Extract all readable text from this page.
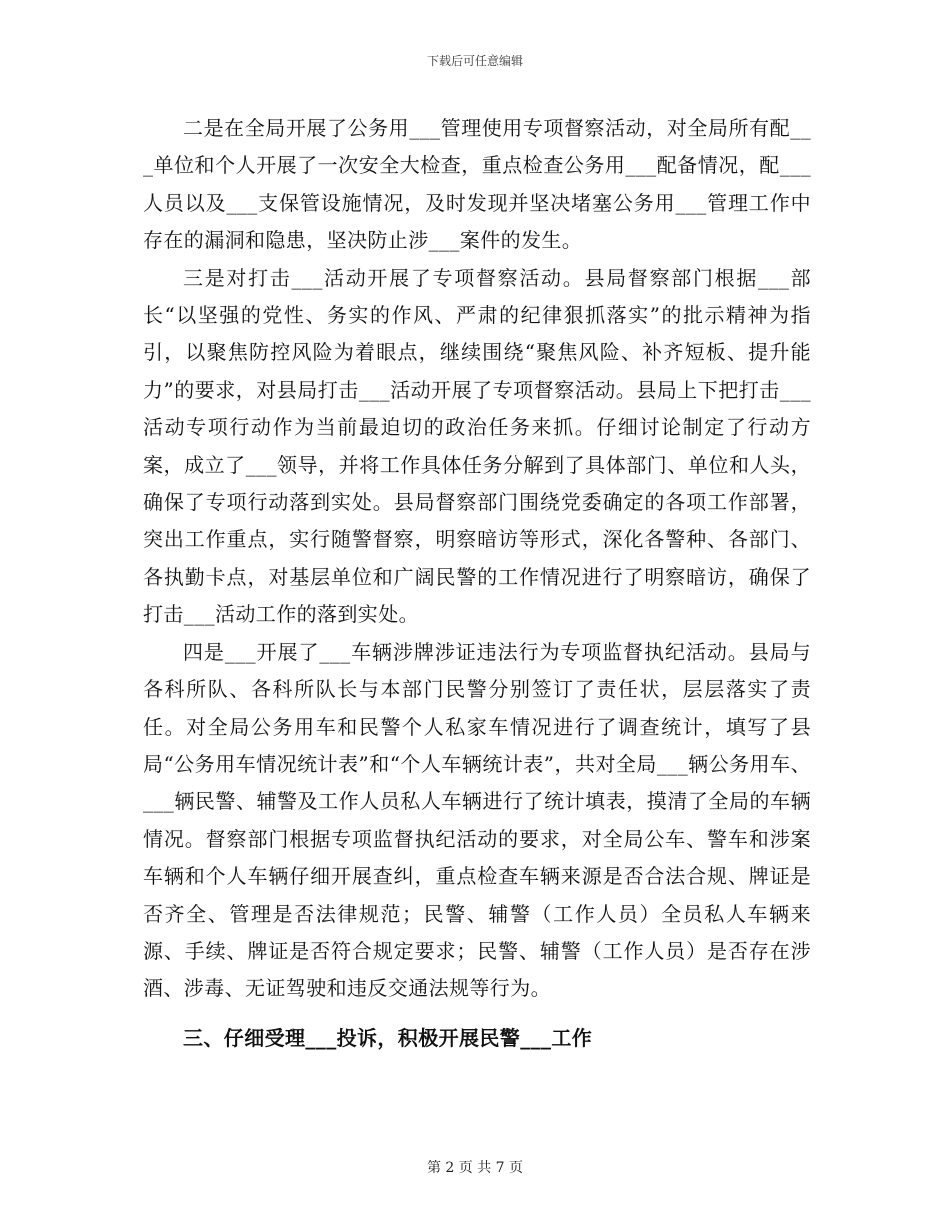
下载后可任意编辑

二是在全局开展了公务用___管理使用专项督察活动，对全局所有配___单位和个人开展了一次安全大检查，重点检查公务用___配备情况，配___人员以及___支保管设施情况，及时发现并坚决堵塞公务用___管理工作中存在的漏洞和隐患，坚决防止涉___案件的发生。

三是对打击___活动开展了专项督察活动。县局督察部门根据___部长“以坚强的党性、务实的作风、严肃的纪律狠抓落实”的批示精神为指引，以聚焦防控风险为着眼点，继续围绕“聚焦风险、补齐短板、提升能力”的要求，对县局打击___活动开展了专项督察活动。县局上下把打击___活动专项行动作为当前最迫切的政治任务来抓。仔细讨论制定了行动方案，成立了___领导，并将工作具体任务分解到了具体部门、单位和人头，确保了专项行动落到实处。县局督察部门围绕党委确定的各项工作部署，突出工作重点，实行随警督察，明察暗访等形式，深化各警种、各部门、各执勤卡点，对基层单位和广阔民警的工作情况进行了明察暗访，确保了打击___活动工作的落到实处。

四是___开展了___车辆涉牌涉证违法行为专项监督执纪活动。县局与各科所队、各科所队长与本部门民警分别签订了责任状，层层落实了责任。对全局公务用车和民警个人私家车情况进行了调查统计，填写了县局“公务用车情况统计表”和“个人车辆统计表”，共对全局___辆公务用车、___辆民警、辅警及工作人员私人车辆进行了统计填表，摸清了全局的车辆情况。督察部门根据专项监督执纪活动的要求，对全局公车、警车和涉案车辆和个人车辆仔细开展查纠，重点检查车辆来源是否合法合规、牌证是否齐全、管理是否法律规范；民警、辅警（工作人员）全员私人车辆来源、手续、牌证是否符合规定要求；民警、辅警（工作人员）是否存在涉酒、涉毒、无证驾驶和违反交通法规等行为。

三、仔细受理___投诉，积极开展民警___工作

第 2 页 共 7 页
